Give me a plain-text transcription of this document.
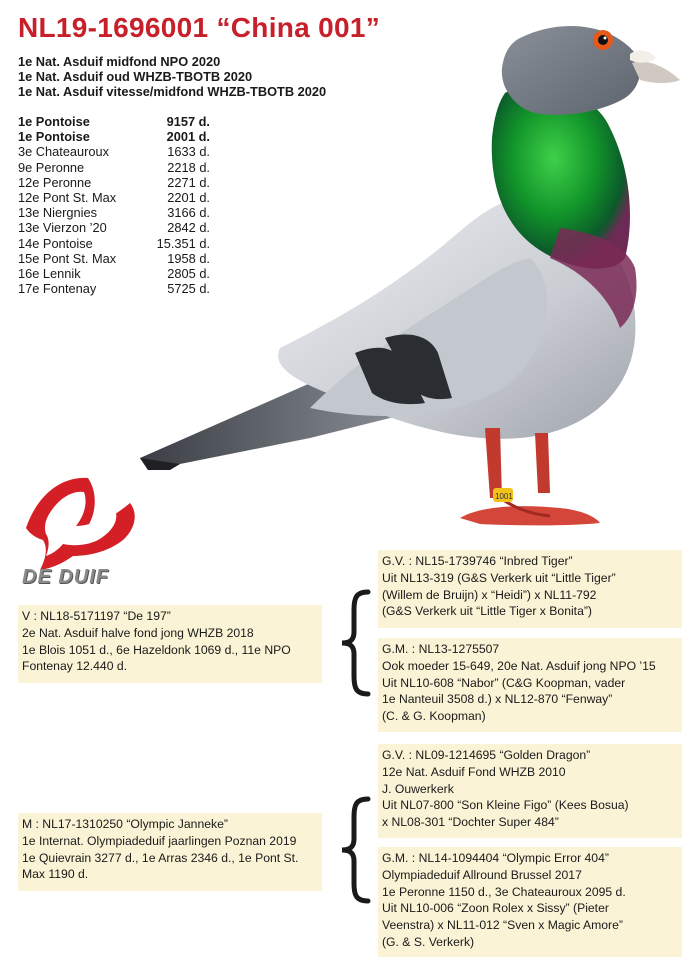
NL19-1696001 “China 001”
1e Nat. Asduif midfond NPO 2020
1e Nat. Asduif oud WHZB-TBOTB 2020
1e Nat. Asduif vitesse/midfond WHZB-TBOTB 2020
1e Pontoise	9157 d.
1e Pontoise	2001 d.
3e Chateauroux	1633 d.
9e Peronne	2218 d.
12e Peronne	2271 d.
12e Pont St. Max	2201 d.
13e Niergnies	3166 d.
13e Vierzon ’20	2842 d.
14e Pontoise	15.351 d.
15e Pont St. Max	1958 d.
16e Lennik	2805 d.
17e Fontenay	5725 d.
1001
DE DUIF
V : NL18-5171197 “De 197”
2e Nat. Asduif halve fond jong WHZB 2018
1e Blois 1051 d., 6e Hazeldonk 1069 d., 11e NPO
Fontenay 12.440 d.
G.V. : NL15-1739746 “Inbred Tiger”
Uit NL13-319 (G&S Verkerk uit “Little Tiger”
(Willem de Bruijn) x “Heidi”) x NL11-792
(G&S Verkerk uit “Little Tiger x Bonita”)
G.M. : NL13-1275507
Ook moeder 15-649, 20e Nat. Asduif jong NPO ’15
Uit NL10-608 “Nabor” (C&G Koopman, vader
1e Nanteuil 3508 d.) x NL12-870 “Fenway”
(C. & G. Koopman)
M : NL17-1310250 “Olympic Janneke”
1e Internat. Olympiadeduif jaarlingen Poznan 2019
1e Quievrain 3277 d., 1e Arras 2346 d., 1e Pont St.
Max 1190 d.
G.V. : NL09-1214695 “Golden Dragon”
12e Nat. Asduif Fond WHZB 2010
J. Ouwerkerk
Uit NL07-800 “Son Kleine Figo” (Kees Bosua)
x NL08-301 “Dochter Super 484”
G.M. : NL14-1094404 “Olympic Error 404”
Olympiadeduif Allround Brussel 2017
1e Peronne 1150 d., 3e Chateauroux 2095 d.
Uit NL10-006 “Zoon Rolex x Sissy” (Pieter
Veenstra) x NL11-012 “Sven x Magic Amore”
(G. & S. Verkerk)
